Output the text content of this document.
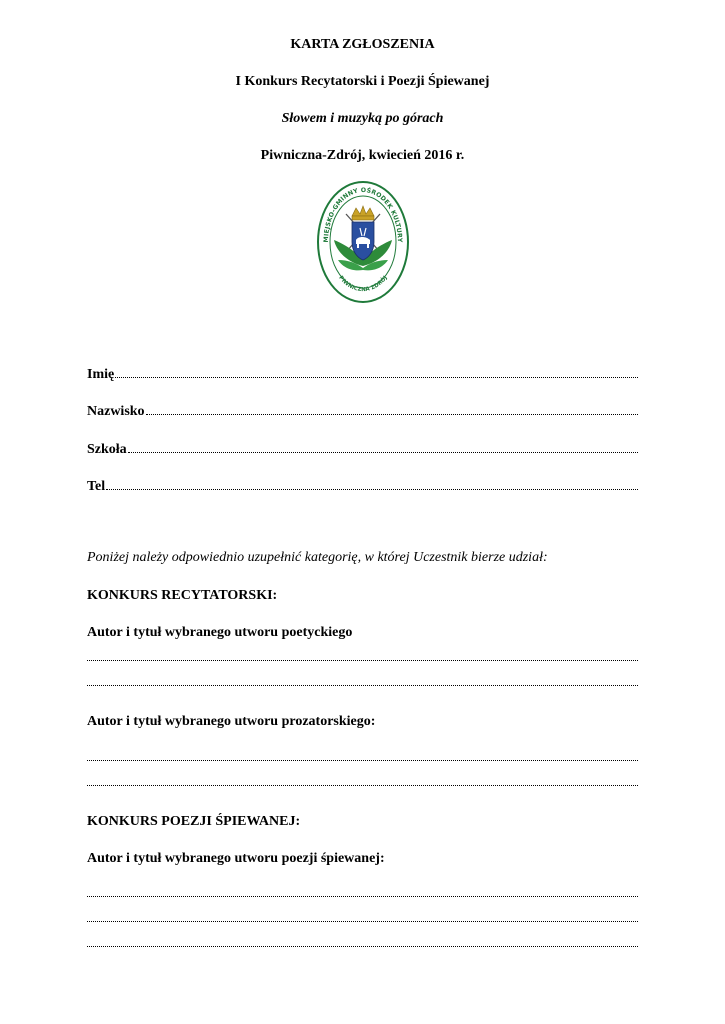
KARTA ZGŁOSZENIA
I Konkurs Recytatorski i Poezji Śpiewanej
Słowem i muzyką po górach
Piwniczna-Zdrój, kwiecień 2016 r.
MIEJSKO-GMINNY OŚRODEK KULTURY
PIWNICZNA ZDRÓJ
Imię
Nazwisko
Szkoła
Tel
Poniżej należy odpowiednio uzupełnić kategorię, w której Uczestnik bierze udział:
KONKURS RECYTATORSKI:
Autor i tytuł wybranego utworu poetyckiego
Autor i tytuł wybranego utworu prozatorskiego:
KONKURS POEZJI ŚPIEWANEJ:
Autor i tytuł wybranego utworu poezji śpiewanej:
